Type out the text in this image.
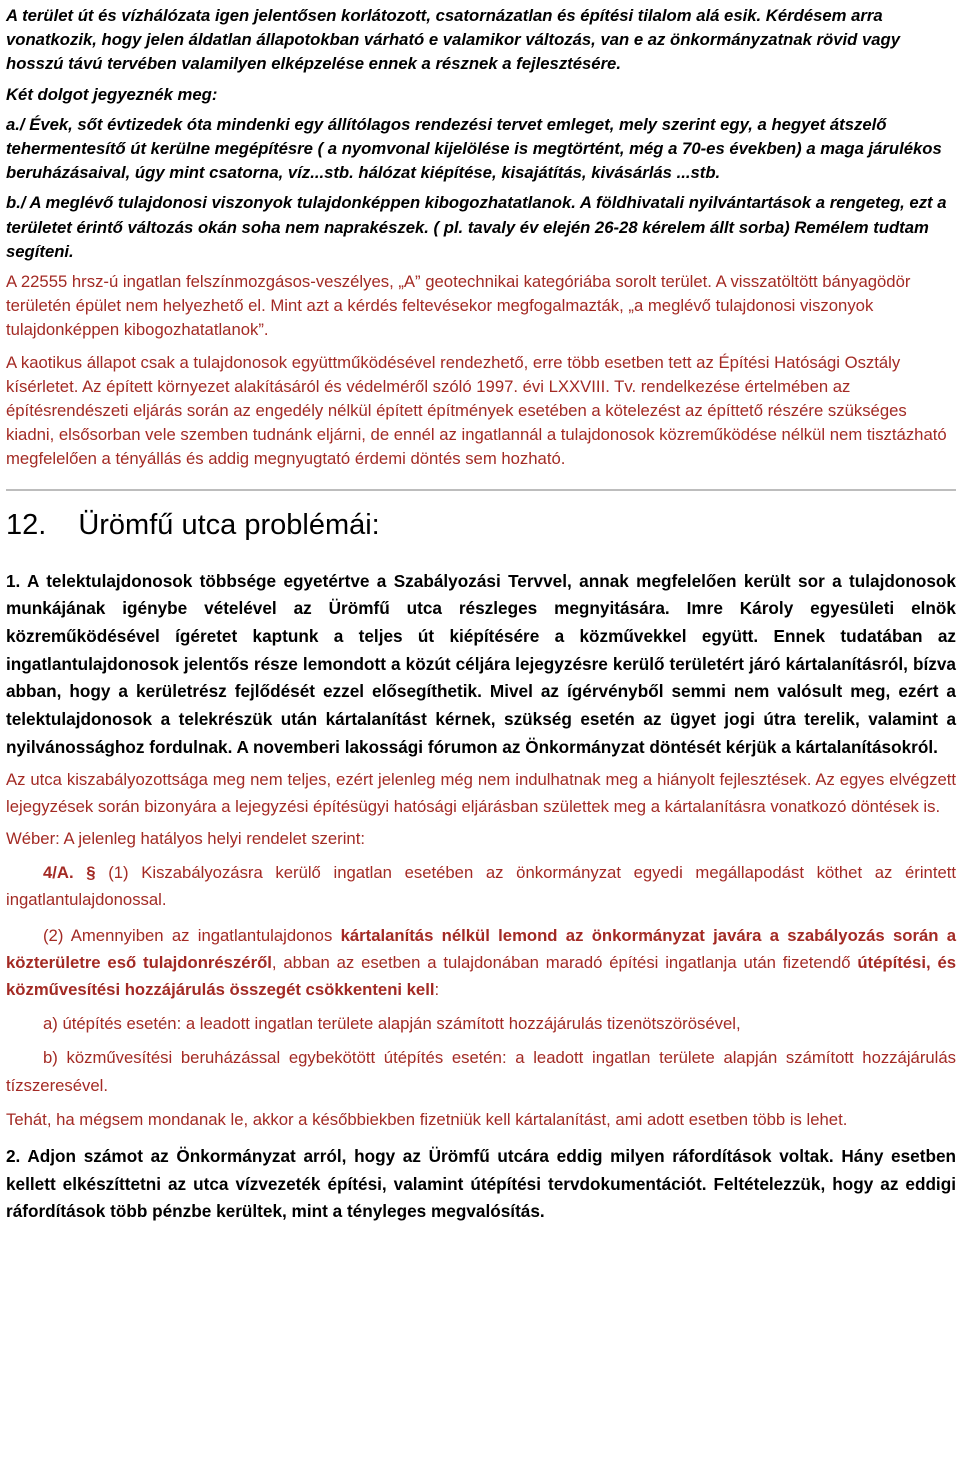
A terület út és vízhálózata igen jelentősen korlátozott, csatornázatlan és építési tilalom alá esik. Kérdésem arra vonatkozik, hogy jelen áldatlan állapotokban várható e valamikor változás, van e az önkormányzatnak rövid vagy hosszú távú tervében valamilyen elképzelése ennek a résznek a fejlesztésére.

Két dolgot jegyeznék meg:

a./ Évek, sőt évtizedek óta mindenki egy állítólagos rendezési tervet emleget, mely szerint egy, a hegyet átszelő tehermentesítő út kerülne megépítésre ( a nyomvonal kijelölése is megtörtént, még a 70-es években) a maga járulékos beruházásaival, úgy mint csatorna, víz...stb. hálózat kiépítése, kisajátítás, kivásárlás ...stb.

b./ A meglévő tulajdonosi viszonyok tulajdonképpen kibogozhatatlanok. A földhivatali nyilvántartások a rengeteg, ezt a területet érintő változás okán soha nem naprakészek. ( pl. tavaly év elején 26-28 kérelem állt sorba) Remélem tudtam segíteni.

A 22555 hrsz-ú ingatlan felszínmozgásos-veszélyes, „A” geotechnikai kategóriába sorolt terület. A visszatöltött bányagödör területén épület nem helyezhető el. Mint azt a kérdés feltevésekor megfogalmazták, „a meglévő tulajdonosi viszonyok tulajdonképpen kibogozhatatlanok”.

A kaotikus állapot csak a tulajdonosok együttműködésével rendezhető, erre több esetben tett az Építési Hatósági Osztály kísérletet. Az épített környezet alakításáról és védelméről szóló 1997. évi LXXVIII. Tv. rendelkezése értelmében az építésrendészeti eljárás során az engedély nélkül épített építmények esetében a kötelezést az építtető részére szükséges kiadni, elsősorban vele szemben tudnánk eljárni, de ennél az ingatlannál a tulajdonosok közreműködése nélkül nem tisztázható megfelelően a tényállás és addig megnyugtató érdemi döntés sem hozható.

12. Ürömfű utca problémái:

1. A telektulajdonosok többsége egyetértve a Szabályozási Tervvel, annak megfelelően került sor a tulajdonosok munkájának igénybe vételével az Ürömfű utca részleges megnyitására. Imre Károly egyesületi elnök közreműködésével ígéretet kaptunk a teljes út kiépítésére a közművekkel együtt. Ennek tudatában az ingatlantulajdonosok jelentős része lemondott a közút céljára lejegyzésre kerülő területért járó kártalanításról, bízva abban, hogy a kerületrész fejlődését ezzel elősegíthetik. Mivel az ígérvényből semmi nem valósult meg, ezért a telektulajdonosok a telekrészük után kártalanítást kérnek, szükség esetén az ügyet jogi útra terelik, valamint a nyilvánossághoz fordulnak. A novemberi lakossági fórumon az Önkormányzat döntését kérjük a kártalanításokról.

Az utca kiszabályozottsága meg nem teljes, ezért jelenleg még nem indulhatnak meg a hiányolt fejlesztések. Az egyes elvégzett lejegyzések során bizonyára a lejegyzési építésügyi hatósági eljárásban születtek meg a kártalanításra vonatkozó döntések is.

Wéber: A jelenleg hatályos helyi rendelet szerint:

4/A. § (1) Kiszabályozásra kerülő ingatlan esetében az önkormányzat egyedi megállapodást köthet az érintett ingatlantulajdonossal.

(2) Amennyiben az ingatlantulajdonos kártalanítás nélkül lemond az önkormányzat javára a szabályozás során a közterületre eső tulajdonrészéről, abban az esetben a tulajdonában maradó építési ingatlanja után fizetendő útépítési, és közművesítési hozzájárulás összegét csökkenteni kell:

a) útépítés esetén: a leadott ingatlan területe alapján számított hozzájárulás tizenötszörösével,

b) közművesítési beruházással egybekötött útépítés esetén: a leadott ingatlan területe alapján számított hozzájárulás tízszeresével.

Tehát, ha mégsem mondanak le, akkor a későbbiekben fizetniük kell kártalanítást, ami adott esetben több is lehet.

2. Adjon számot az Önkormányzat arról, hogy az Ürömfű utcára eddig milyen ráfordítások voltak. Hány esetben kellett elkészíttetni az utca vízvezeték építési, valamint útépítési tervdokumentációt. Feltételezzük, hogy az eddigi ráfordítások több pénzbe kerültek, mint a tényleges megvalósítás.
